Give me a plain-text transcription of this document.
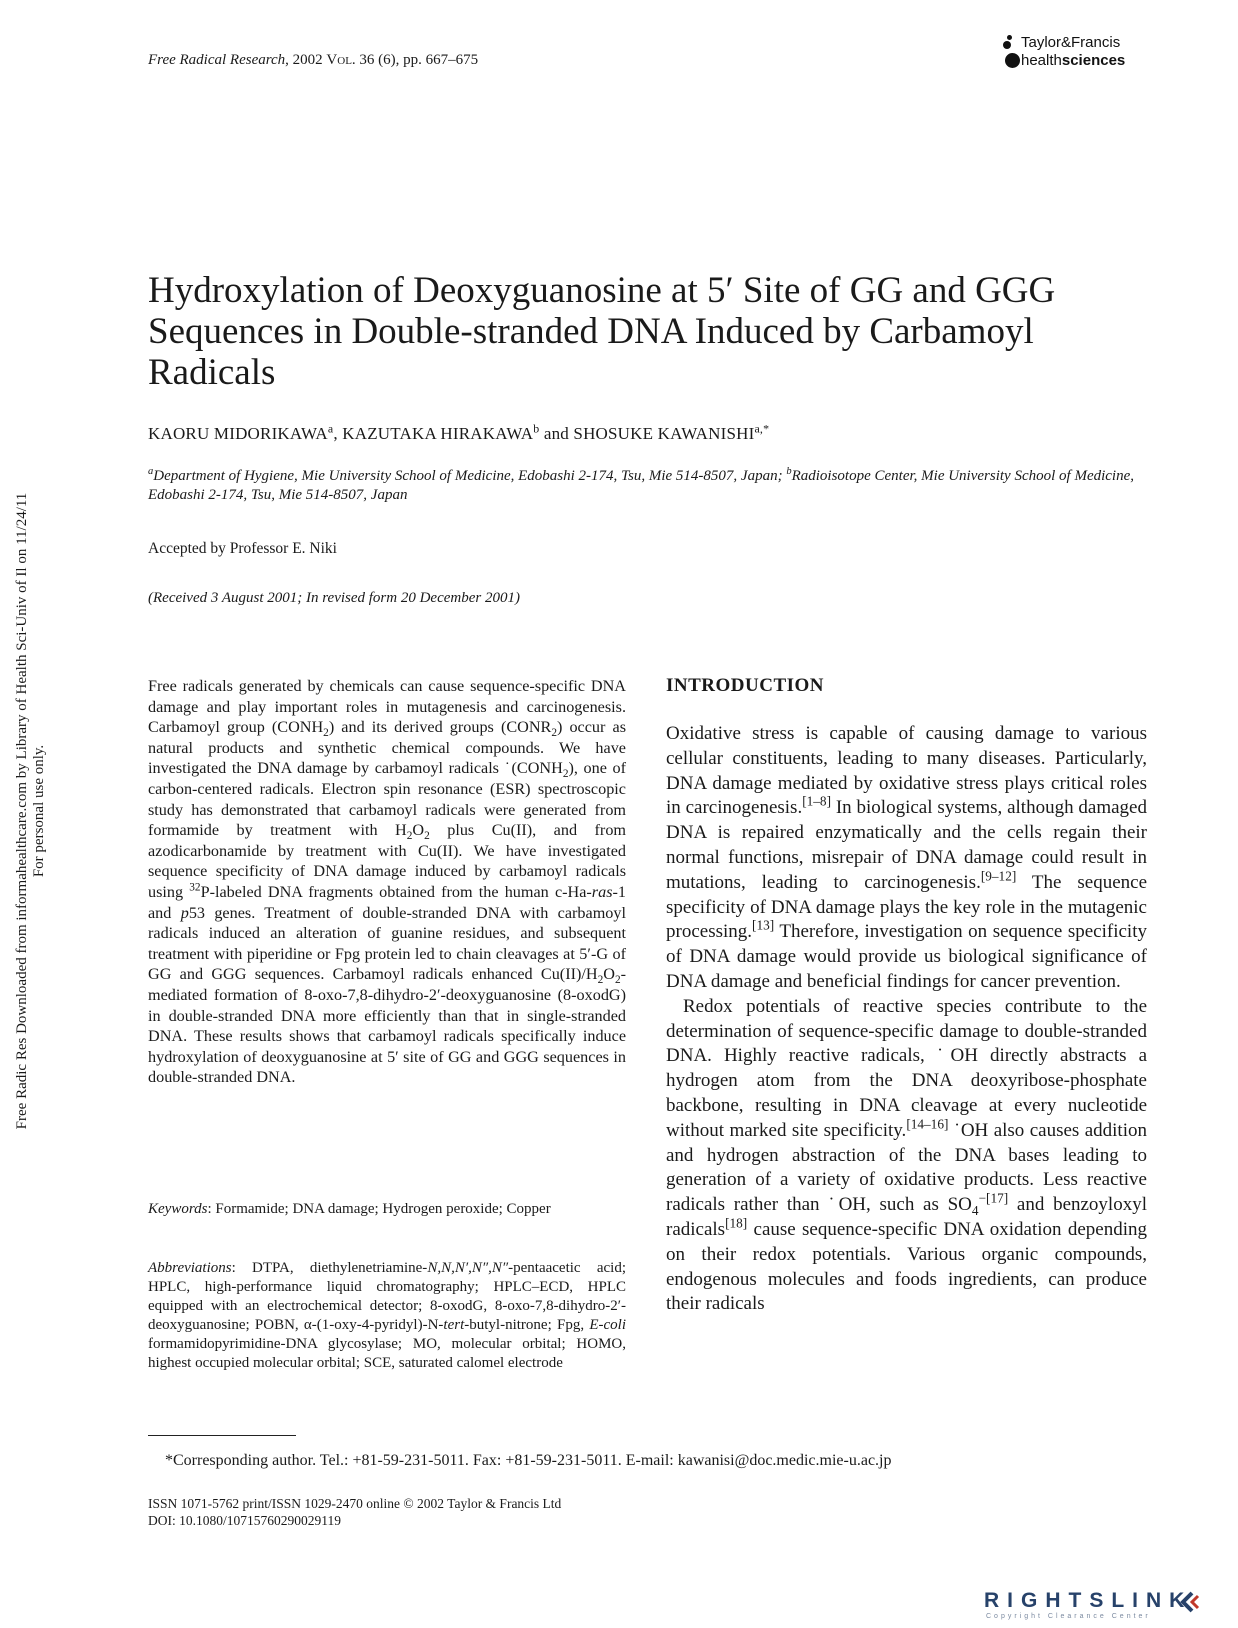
Free Radical Research, 2002 Vol. 36 (6), pp. 667–675
Taylor&Francis
healthsciences
Hydroxylation of Deoxyguanosine at 5′ Site of GG and GGG Sequences in Double-stranded DNA Induced by Carbamoyl Radicals
KAORU MIDORIKAWA$^a$, KAZUTAKA HIRAKAWA$^b$ and SHOSUKE $KAWANISHI^{a,*}$
$^a$Department of Hygiene, Mie University School of Medicine, Edobashi 2-174, Tsu, Mie 514-8507, Japan; $^b$Radioisotope Center, Mie University School of Medicine, Edobashi 2-174, Tsu, Mie 514-8507, Japan
Accepted by Professor E. Niki
(Received 3 August 2001; In revised form 20 December 2001)
Free radicals generated by chemicals can cause sequence-specific DNA damage and play important roles in mutagenesis and carcinogenesis. Carbamoyl group $(CONH_2)$ and its derived groups $(CONR_2)$ occur as natural products and synthetic chemical compounds. We have investigated the DNA damage by carbamoyl radicals $˙(CONH_2)$, one of carbon-centered radicals. Electron spin resonance (ESR) spectroscopic study has demonstrated that carbamoyl radicals were generated from formamide by treatment with $H_2O_2$ plus Cu(II), and from azodicarbonamide by treatment with Cu(II). We have investigated sequence specificity of DNA damage induced by carbamoyl radicals using $^{32}$P-labeled DNA fragments obtained from the human c-Ha-ras-1 and p53 genes. Treatment of double-stranded DNA with carbamoyl radicals induced an alteration of guanine residues, and subsequent treatment with piperidine or Fpg protein led to chain cleavages at 5′-G of GG and GGG sequences. Carbamoyl radicals enhanced $Cu(II)/H_2O_2$-mediated formation of 8-oxo-7,8-dihydro-2′-deoxyguanosine (8-oxodG) in double-stranded DNA more efficiently than that in single-stranded DNA. These results shows that carbamoyl radicals specifically induce hydroxylation of deoxyguanosine at 5′ site of GG and GGG sequences in double-stranded DNA.
Keywords: Formamide; DNA damage; Hydrogen peroxide; Copper
Abbreviations: DTPA, diethylenetriamine-N,N,N′,N″,N″-pentaacetic acid; HPLC, high-performance liquid chromatography; HPLC–ECD, HPLC equipped with an electrochemical detector; 8-oxodG, 8-oxo-7,8-dihydro-2′-deoxyguanosine; POBN, α-(1-oxy-4-pyridyl)-N-tert-butyl-nitrone; Fpg, E-coli formamidopyrimidine-DNA glycosylase; MO, molecular orbital; HOMO, highest occupied molecular orbital; SCE, saturated calomel electrode
INTRODUCTION

Oxidative stress is capable of causing damage to various cellular constituents, leading to many diseases. Particularly, DNA damage mediated by oxidative stress plays critical roles in carcinogenesis.[1–8] In biological systems, although damaged DNA is repaired enzymatically and the cells regain their normal functions, misrepair of DNA damage could result in mutations, leading to carcinogenesis.[9–12] The sequence specificity of DNA damage plays the key role in the mutagenic processing.[13] Therefore, investigation on sequence specificity of DNA damage would provide us biological significance of DNA damage and beneficial findings for cancer prevention.

Redox potentials of reactive species contribute to the determination of sequence-specific damage to double-stranded DNA. Highly reactive radicals, ˙OH directly abstracts a hydrogen atom from the DNA deoxyribose-phosphate backbone, resulting in DNA cleavage at every nucleotide without marked site specificity.[14–16] ˙OH also causes addition and hydrogen abstraction of the DNA bases leading to generation of a variety of oxidative products. Less reactive radicals rather than ˙OH, such as $SO_4^{-[17]}$ and benzoyloxyl radicals[18] cause sequence-specific DNA oxidation depending on their redox potentials. Various organic compounds, endogenous molecules and foods ingredients, can produce their radicals

*Corresponding author. Tel.: +81-59-231-5011. Fax: +81-59-231-5011. E-mail: kawanisi@doc.medic.mie-u.ac.jp
ISSN 1071-5762 print/ISSN 1029-2470 online © 2002 Taylor & Francis Ltd
DOI: 10.1080/10715760290029119
Free Radic Res Downloaded from informahealthcare.com by Library of Health Sci-Univ of Il on 11/24/11 For personal use only.
RIGHTSLINK
Copyright Clearance Center
